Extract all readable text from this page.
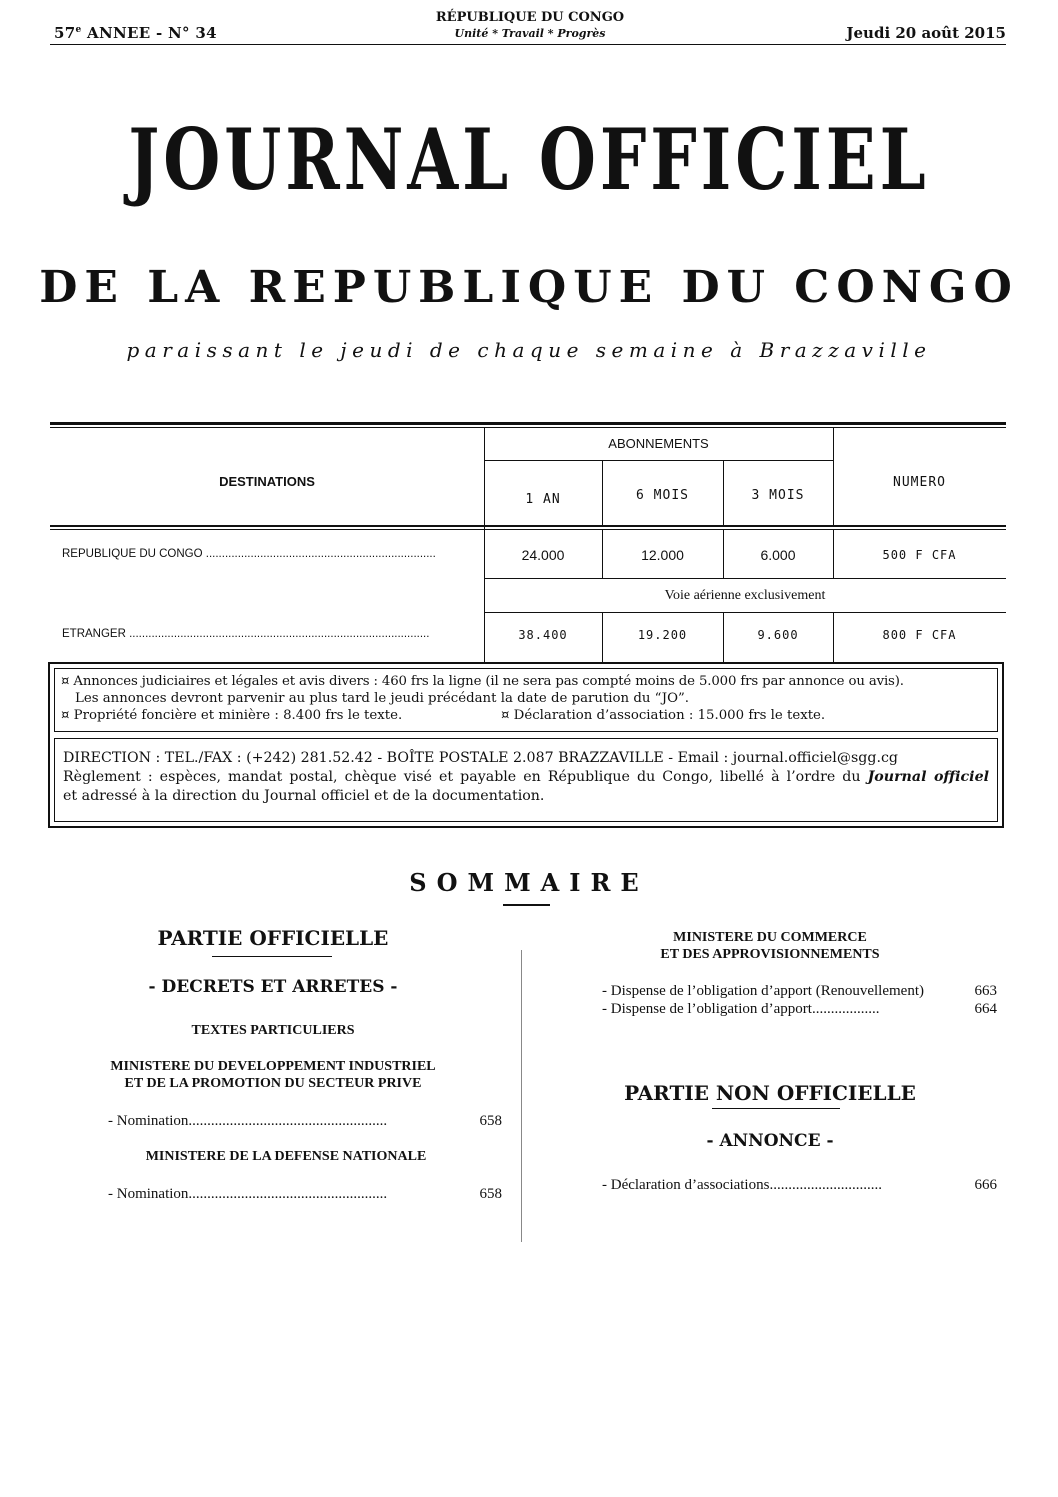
57e ANNEE - N° 34
RÉPUBLIQUE DU CONGO
Unité * Travail * Progrès	Jeudi 20 août 2015
JOURNAL OFFICIEL
DE LA REPUBLIQUE DU CONGO
paraissant le jeudi de chaque semaine à Brazzaville
DESTINATIONS
ABONNEMENTS
1 AN	6 MOIS	3 MOIS
NUMERO
REPUBLIQUE DU CONGO ........................................................................	24.000	12.000	6.000	500 F CFA
Voie aérienne exclusivement
ETRANGER ..............................................................................................	38.400	19.200	9.600	800 F CFA
¤ Annonces judiciaires et légales et avis divers : 460 frs la ligne (il ne sera pas compté moins de 5.000 frs par annonce ou avis).
Les annonces devront parvenir au plus tard le jeudi précédant la date de parution du “JO”.
¤ Propriété foncière et minière : 8.400 frs le texte.	¤ Déclaration d’association : 15.000 frs le texte.
DIRECTION : TEL./FAX : (+242) 281.52.42 - BOÎTE POSTALE 2.087 BRAZZAVILLE - Email : journal.officiel@sgg.cg
Règlement : espèces, mandat postal, chèque visé et payable en République du Congo, libellé à l’ordre du Journal officiel
et adressé à la direction du Journal officiel et de la documentation.
SOMMAIRE
PARTIE OFFICIELLE
- DECRETS ET ARRETES -
TEXTES PARTICULIERS
MINISTERE DU DEVELOPPEMENT INDUSTRIEL
ET DE LA PROMOTION DU SECTEUR PRIVE
- Nomination.....................................................	658
MINISTERE DE LA DEFENSE NATIONALE
- Nomination.....................................................	658
MINISTERE DU COMMERCE
ET DES APPROVISIONNEMENTS
- Dispense de l’obligation d’apport (Renouvellement)	663
- Dispense de l’obligation d’apport..................	664
PARTIE NON OFFICIELLE
- ANNONCE -
- Déclaration d’associations..............................	666
